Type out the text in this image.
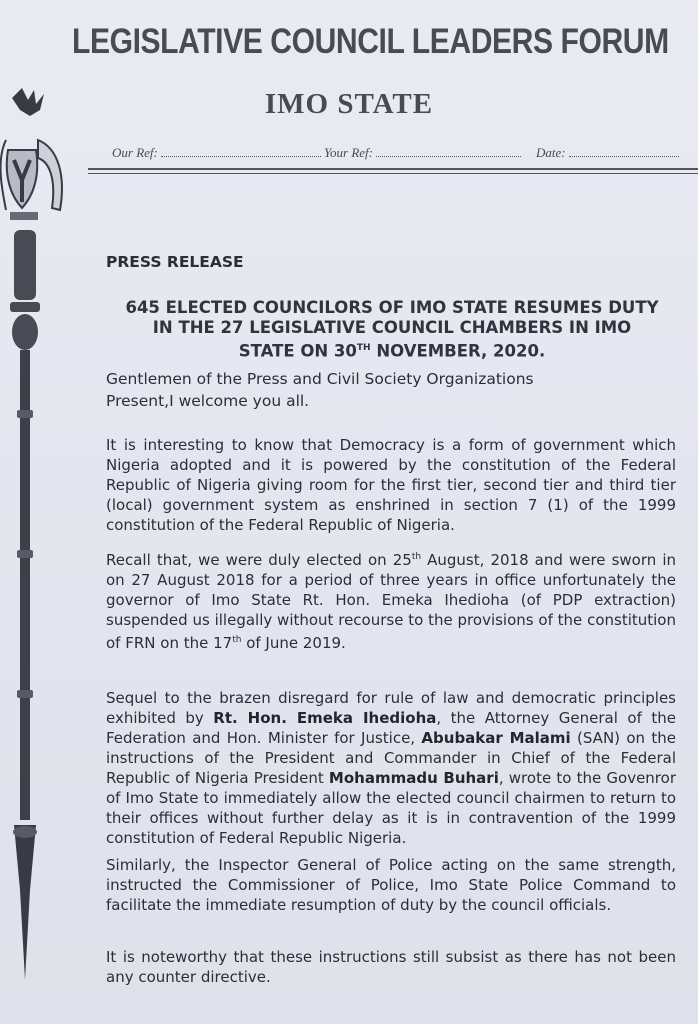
LEGISLATIVE COUNCIL LEADERS FORUM
IMO STATE
Our Ref:	Your Ref:	Date:
PRESS RELEASE
645 ELECTED COUNCILORS OF IMO STATE RESUMES DUTY
IN THE 27 LEGISLATIVE COUNCIL CHAMBERS IN IMO
STATE ON 30TH NOVEMBER, 2020.
Gentlemen of the Press and Civil Society Organizations
Present,I welcome you all.
It is interesting to know that Democracy is a form of government which Nigeria adopted and it is powered by the constitution of the Federal Republic of Nigeria giving room for the first tier, second tier and third tier (local) government system as enshrined in section 7 (1) of the 1999 constitution of the Federal Republic of Nigeria.
Recall that, we were duly elected on 25th August, 2018 and were sworn in on 27 August 2018 for a period of three years in office unfortunately the governor of Imo State Rt. Hon. Emeka Ihedioha (of PDP extraction) suspended us illegally without recourse to the provisions of the constitution of FRN on the 17th of June 2019.
Sequel to the brazen disregard for rule of law and democratic principles exhibited by Rt. Hon. Emeka Ihedioha, the Attorney General of the Federation and Hon. Minister for Justice, Abubakar Malami (SAN) on the instructions of the President and Commander in Chief of the Federal Republic of Nigeria President Mohammadu Buhari, wrote to the Govenror of Imo State to immediately allow the elected council chairmen to return to their offices without further delay as it is in contravention of the 1999 constitution of Federal Republic Nigeria.
Similarly, the Inspector General of Police acting on the same strength, instructed the Commissioner of Police, Imo State Police Command to facilitate the immediate resumption of duty by the council officials.
It is noteworthy that these instructions still subsist as there has not been any counter directive.
